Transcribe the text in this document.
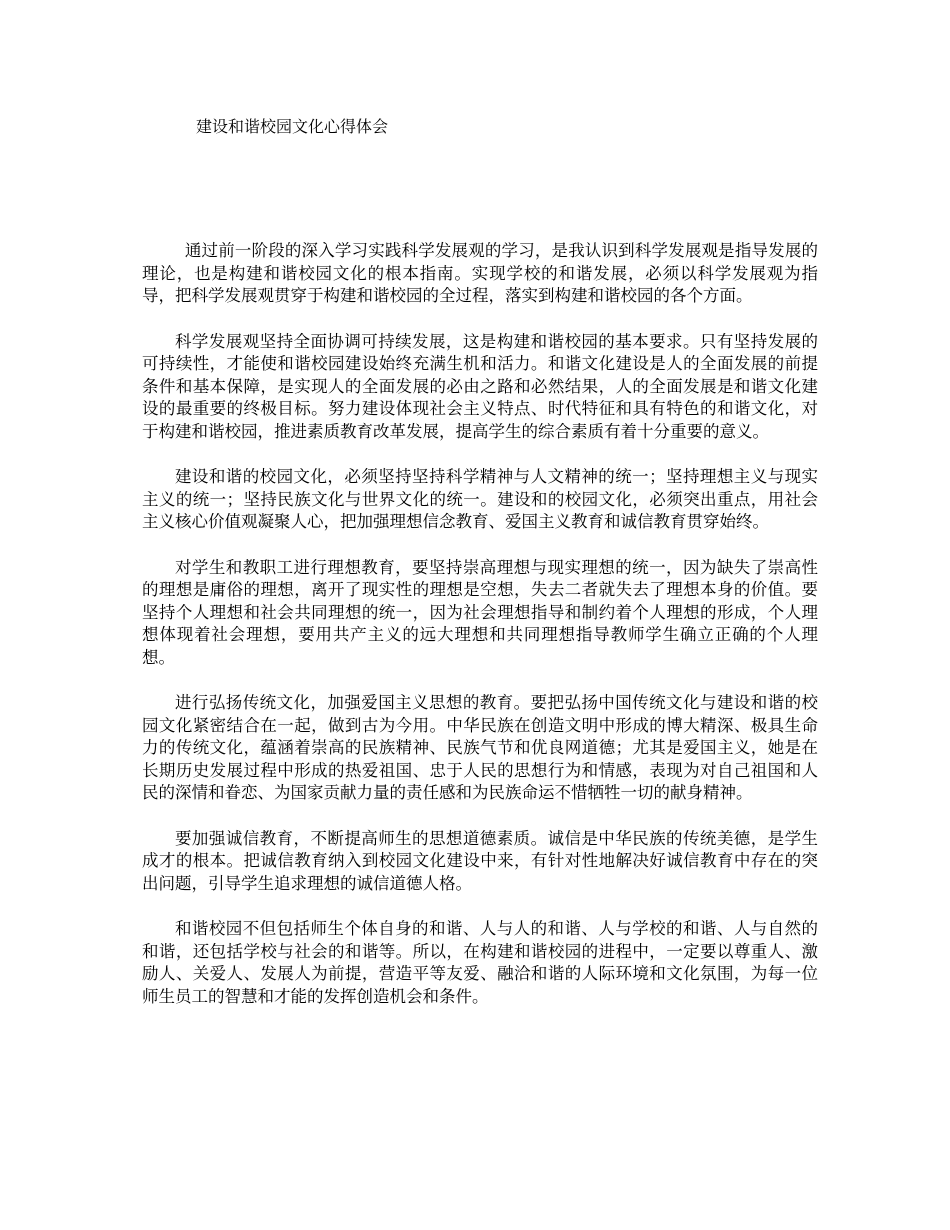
建设和谐校园文化心得体会

通过前一阶段的深入学习实践科学发展观的学习，是我认识到科学发展观是指导发展的理论，也是构建和谐校园文化的根本指南。实现学校的和谐发展，必须以科学发展观为指导，把科学发展观贯穿于构建和谐校园的全过程，落实到构建和谐校园的各个方面。

科学发展观坚持全面协调可持续发展，这是构建和谐校园的基本要求。只有坚持发展的可持续性，才能使和谐校园建设始终充满生机和活力。和谐文化建设是人的全面发展的前提条件和基本保障，是实现人的全面发展的必由之路和必然结果，人的全面发展是和谐文化建设的最重要的终极目标。努力建设体现社会主义特点、时代特征和具有特色的和谐文化，对于构建和谐校园，推进素质教育改革发展，提高学生的综合素质有着十分重要的意义。

建设和谐的校园文化，必须坚持坚持科学精神与人文精神的统一；坚持理想主义与现实主义的统一；坚持民族文化与世界文化的统一。建设和的校园文化，必须突出重点，用社会主义核心价值观凝聚人心，把加强理想信念教育、爱国主义教育和诚信教育贯穿始终。

对学生和教职工进行理想教育，要坚持崇高理想与现实理想的统一，因为缺失了崇高性的理想是庸俗的理想，离开了现实性的理想是空想，失去二者就失去了理想本身的价值。要坚持个人理想和社会共同理想的统一，因为社会理想指导和制约着个人理想的形成，个人理想体现着社会理想，要用共产主义的远大理想和共同理想指导教师学生确立正确的个人理想。

进行弘扬传统文化，加强爱国主义思想的教育。要把弘扬中国传统文化与建设和谐的校园文化紧密结合在一起，做到古为今用。中华民族在创造文明中形成的博大精深、极具生命力的传统文化，蕴涵着崇高的民族精神、民族气节和优良网道德；尤其是爱国主义，她是在长期历史发展过程中形成的热爱祖国、忠于人民的思想行为和情感，表现为对自己祖国和人民的深情和眷恋、为国家贡献力量的责任感和为民族命运不惜牺牲一切的献身精神。

要加强诚信教育，不断提高师生的思想道德素质。诚信是中华民族的传统美德，是学生成才的根本。把诚信教育纳入到校园文化建设中来，有针对性地解决好诚信教育中存在的突出问题，引导学生追求理想的诚信道德人格。

和谐校园不但包括师生个体自身的和谐、人与人的和谐、人与学校的和谐、人与自然的和谐，还包括学校与社会的和谐等。所以，在构建和谐校园的进程中，一定要以尊重人、激励人、关爱人、发展人为前提，营造平等友爱、融洽和谐的人际环境和文化氛围，为每一位师生员工的智慧和才能的发挥创造机会和条件。
